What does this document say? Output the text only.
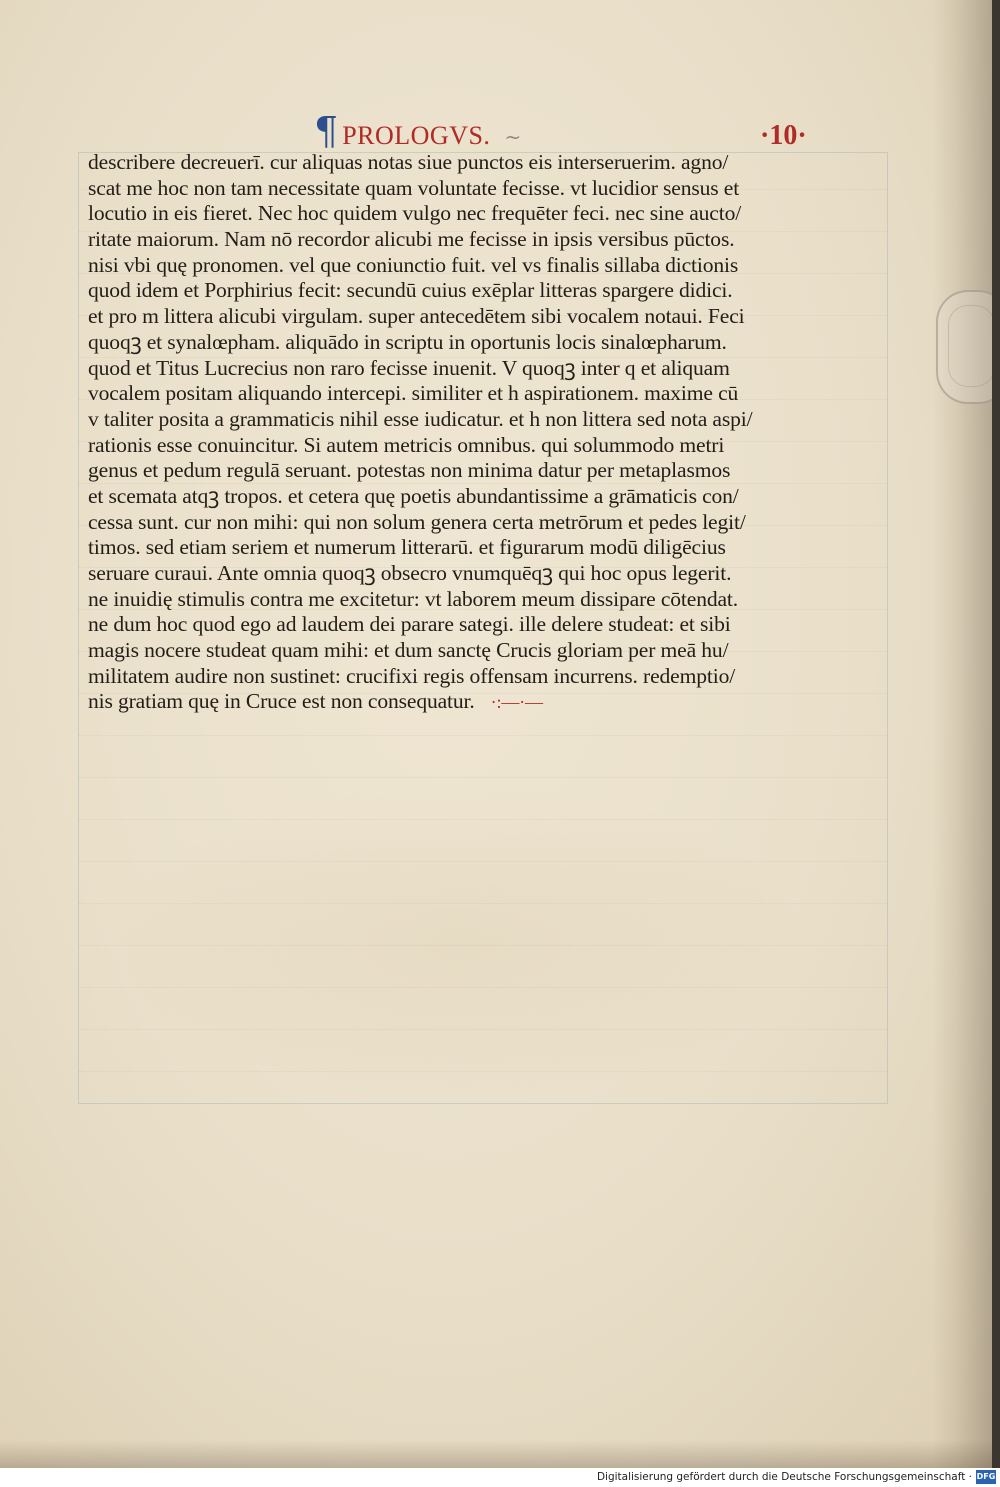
¶ PROLOGVS. ~	·10·
describere decreuerī. cur aliquas notas siue punctos eis interseruerim. agno/
scat me hoc non tam necessitate quam voluntate fecisse. vt lucidior sensus et
locutio in eis fieret. Nec hoc quidem vulgo nec frequēter feci. nec sine aucto/
ritate maiorum. Nam nō recordor alicubi me fecisse in ipsis versibus pūctos.
nisi vbi quę pronomen. vel que coniunctio fuit. vel vs finalis sillaba dictionis
quod idem et Porphirius fecit: secundū cuius exēplar litteras spargere didici.
et pro m littera alicubi virgulam. super antecedētem sibi vocalem notaui. Feci
quoqꝫ et synalœpham. aliquādo in scriptu in oportunis locis sinalœpharum.
quod et Titus Lucrecius non raro fecisse inuenit. V quoqꝫ inter q et aliquam
vocalem positam aliquando intercepi. similiter et h aspirationem. maxime cū
v taliter posita a grammaticis nihil esse iudicatur. et h non littera sed nota aspi/
rationis esse conuincitur. Si autem metricis omnibus. qui solummodo metri
genus et pedum regulā seruant. potestas non minima datur per metaplasmos
et scemata atqꝫ tropos. et cetera quę poetis abundantissime a grāmaticis con/
cessa sunt. cur non mihi: qui non solum genera certa metrōrum et pedes legit/
timos. sed etiam seriem et numerum litterarū. et figurarum modū diligēcius
seruare curaui. Ante omnia quoqꝫ obsecro vnumquēqꝫ qui hoc opus legerit.
ne inuidię stimulis contra me excitetur: vt laborem meum dissipare cōtendat.
ne dum hoc quod ego ad laudem dei parare sategi. ille delere studeat: et sibi
magis nocere studeat quam mihi: et dum sanctę Crucis gloriam per meā hu/
militatem audire non sustinet: crucifixi regis offensam incurrens. redemptio/
nis gratiam quę in Cruce est non consequatur. ·:—·—
Digitalisierung gefördert durch die Deutsche Forschungsgemeinschaft · DFG
